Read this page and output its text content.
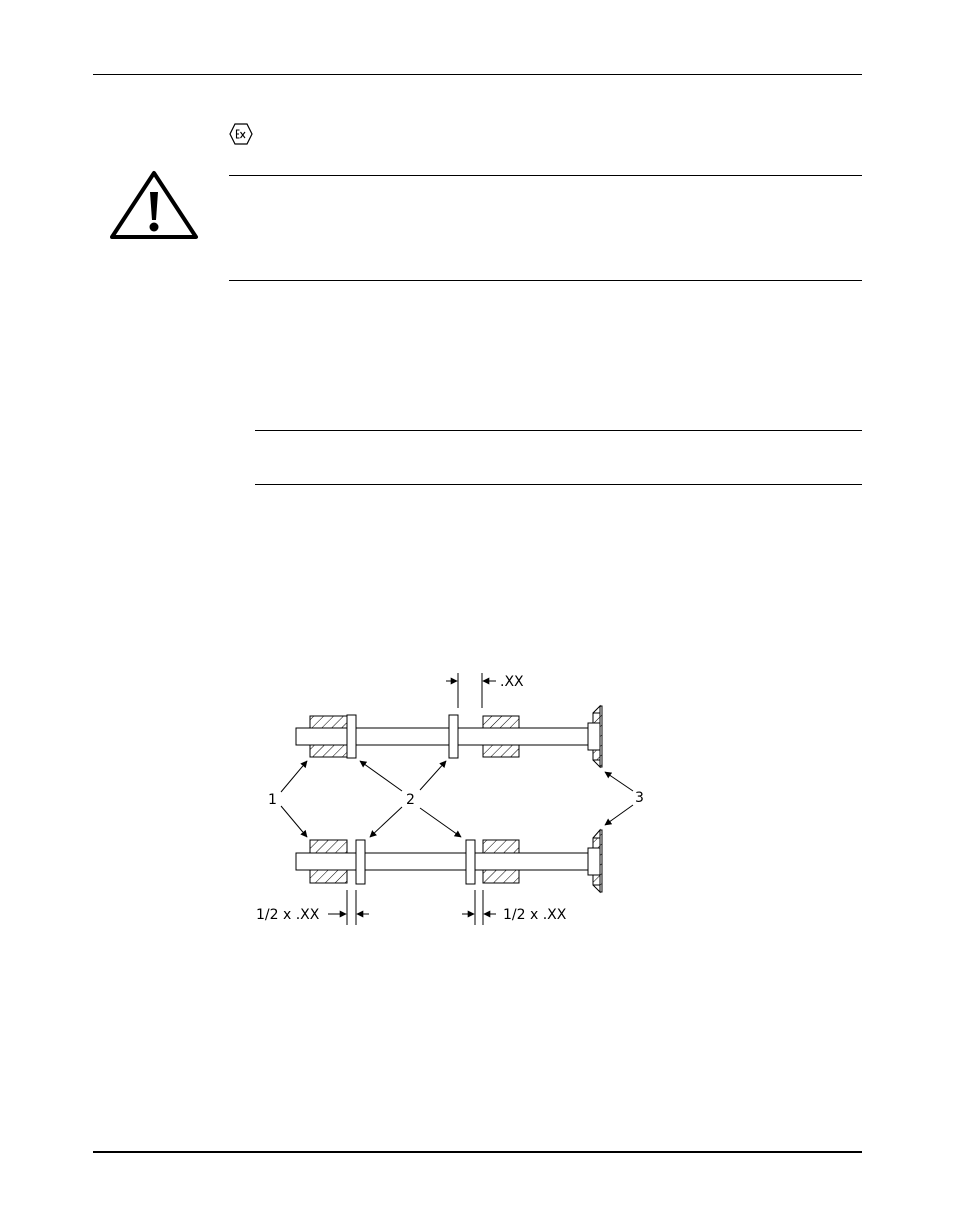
.XX
1/2 x .XX	1/2 x .XX
1	2	3
